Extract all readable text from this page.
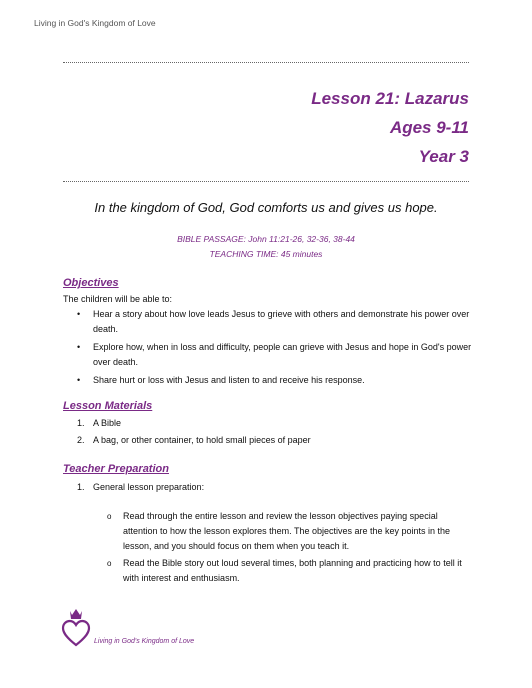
Living in God's Kingdom of Love
Lesson 21: Lazarus
Ages 9-11
Year 3
In the kingdom of God, God comforts us and gives us hope.
BIBLE PASSAGE: John 11:21-26, 32-36, 38-44
TEACHING TIME: 45 minutes
Objectives
The children will be able to:
• Hear a story about how love leads Jesus to grieve with others and demonstrate his power over death.
• Explore how, when in loss and difficulty, people can grieve with Jesus and hope in God's power over death.
• Share hurt or loss with Jesus and listen to and receive his response.
Lesson Materials
1. A Bible
2. A bag, or other container, to hold small pieces of paper
Teacher Preparation
1. General lesson preparation:
o Read through the entire lesson and review the lesson objectives paying special attention to how the lesson explores them. The objectives are the key points in the lesson, and you should focus on them when you teach it.
o Read the Bible story out loud several times, both planning and practicing how to tell it with interest and enthusiasm.
Living in God's Kingdom of Love
